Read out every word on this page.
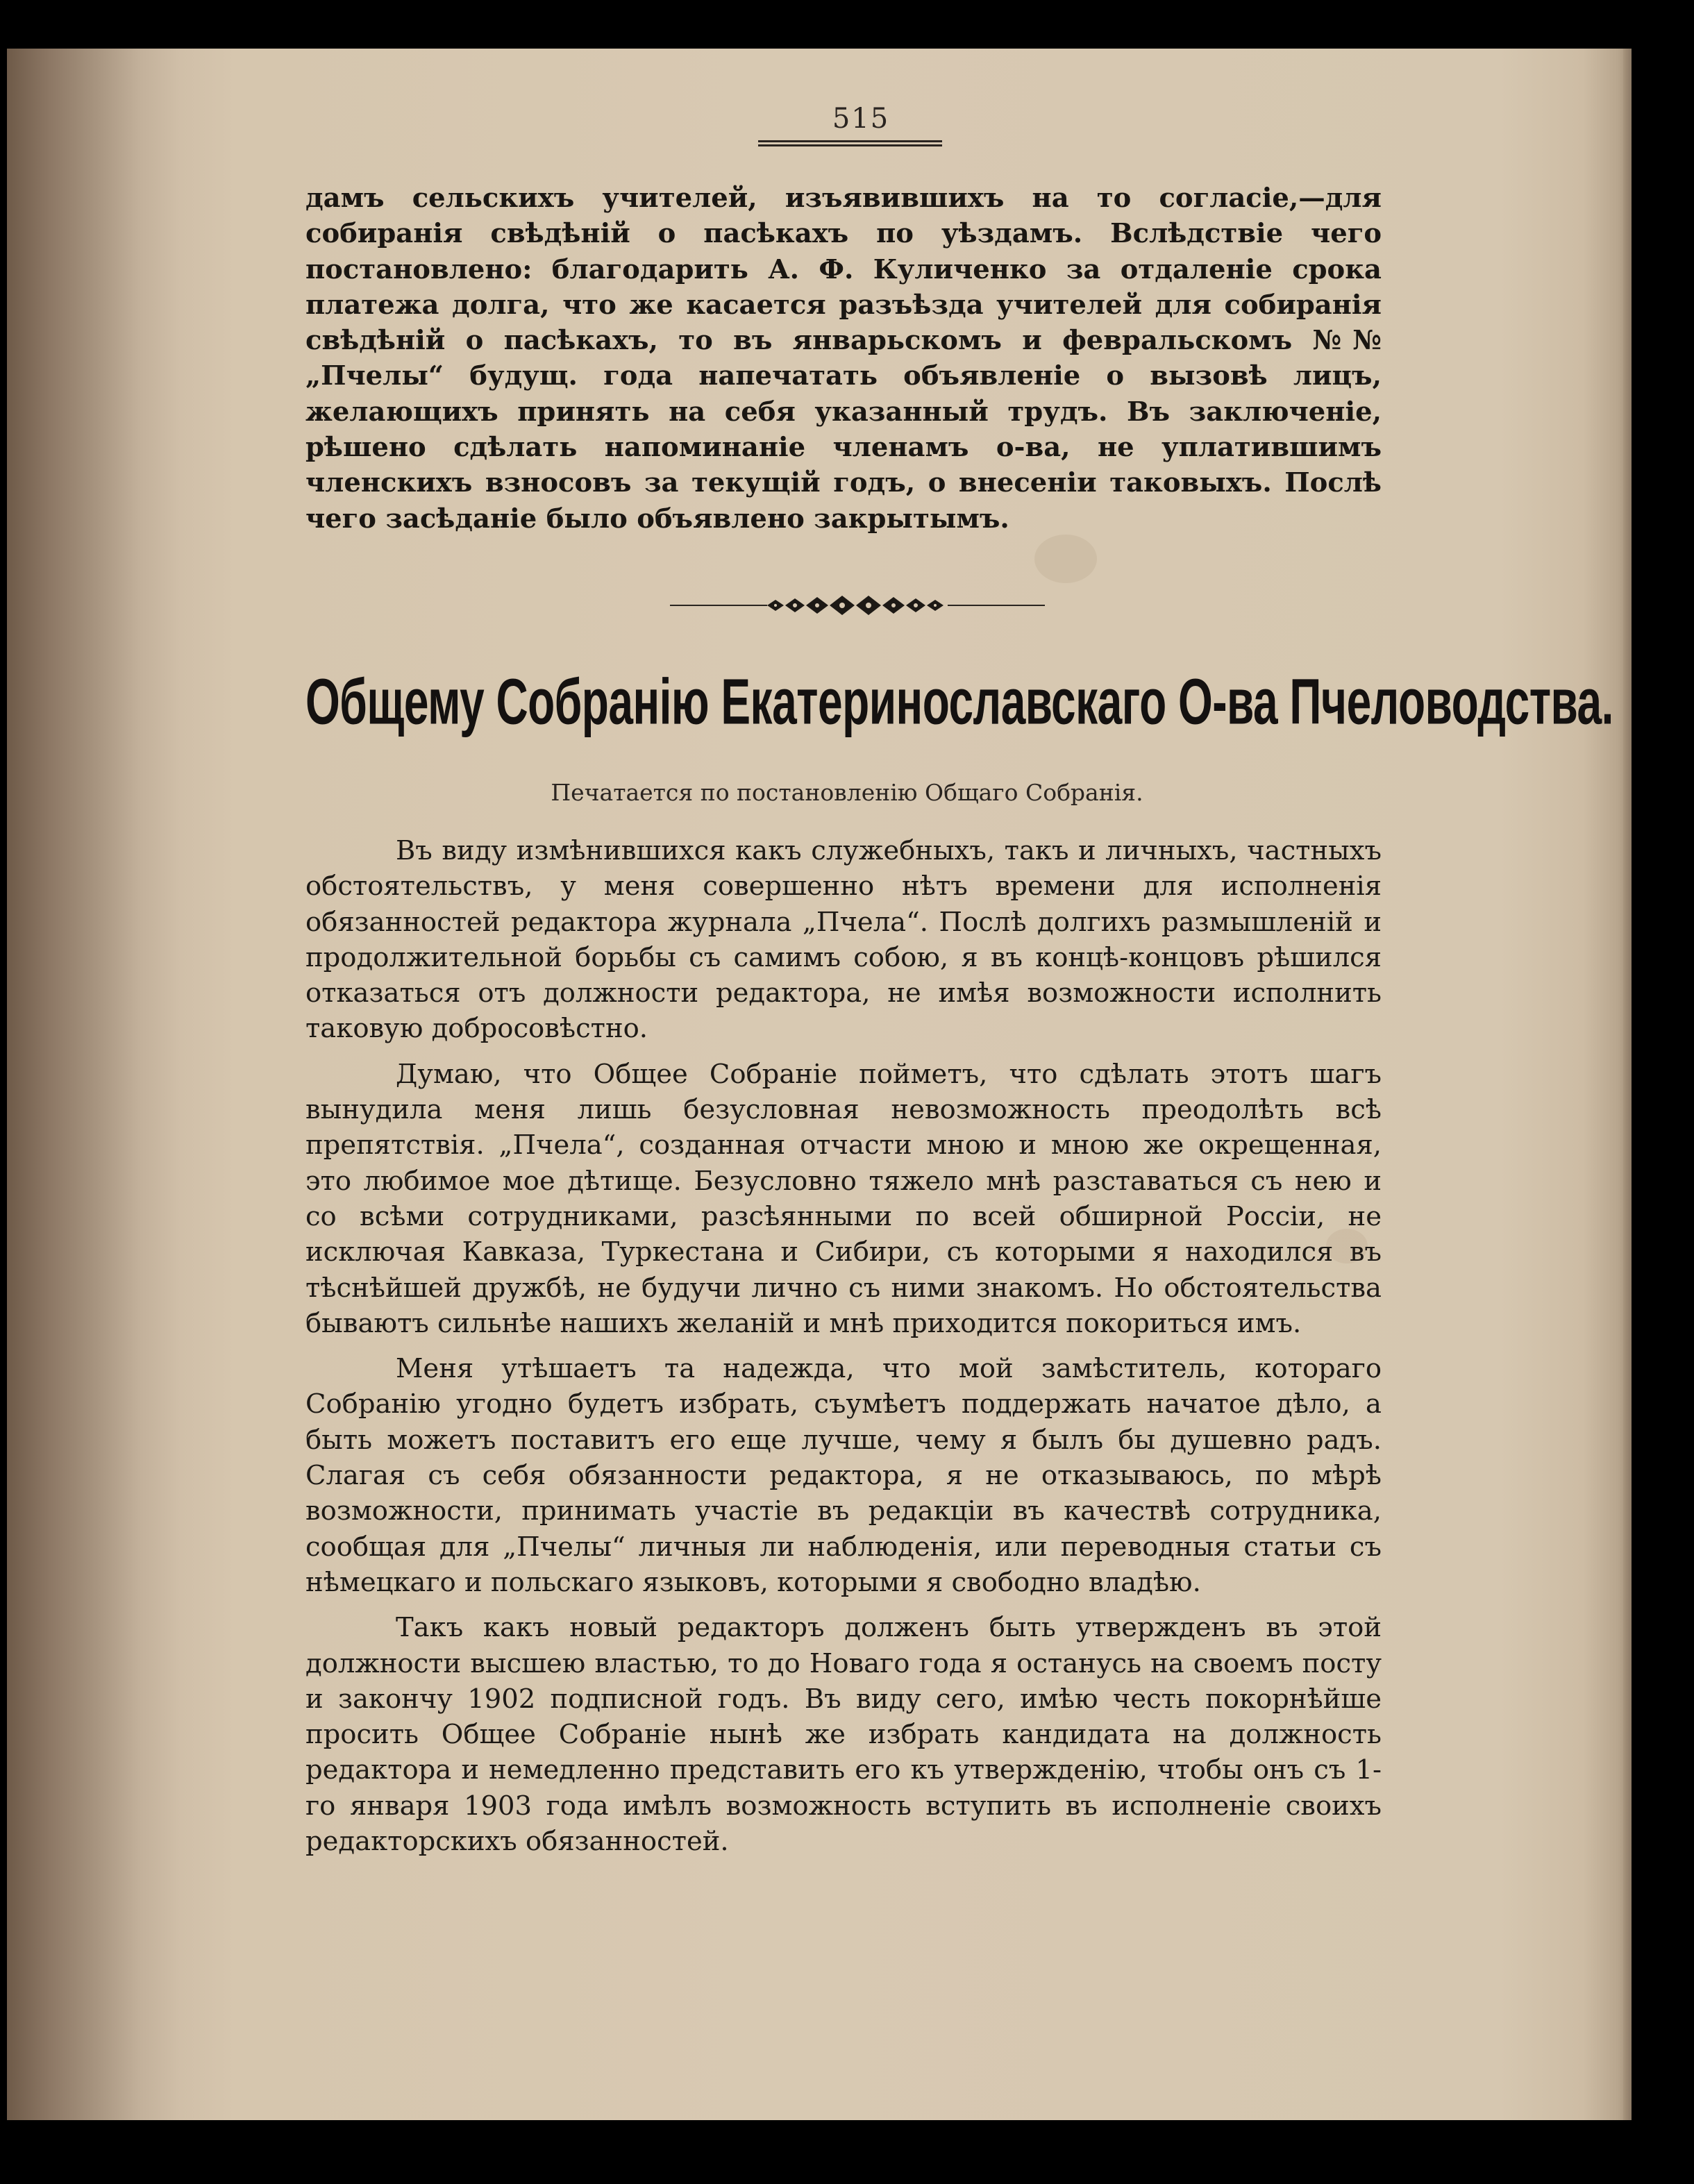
515

дамъ сельскихъ учителей, изъявившихъ на то согласіе,—для собиранія свѣдѣній о пасѣкахъ по уѣздамъ. Вслѣдствіе чего постановлено: благодарить А. Ф. Куличенко за отдаленіе срока платежа долга, что же касается разъѣзда учителей для собиранія свѣдѣній о пасѣкахъ, то въ январьскомъ и февральскомъ №№ „Пчелы“ будущ. года напечатать объявленіе о вызовѣ лицъ, желающихъ принять на себя указанный трудъ. Въ заключеніе, рѣшено сдѣлать напоминаніе членамъ о-ва, не уплатившимъ членскихъ взносовъ за текущій годъ, о внесеніи таковыхъ. Послѣ чего засѣданіе было объявлено закрытымъ.

Общему Собранію Екатеринославскаго О-ва Пчеловодства.
Печатается по постановленію Общаго Собранія.

Въ виду измѣнившихся какъ служебныхъ, такъ и личныхъ, частныхъ обстоятельствъ, у меня совершенно нѣтъ времени для исполненія обязанностей редактора журнала „Пчела“. Послѣ долгихъ размышленій и продолжительной борьбы съ самимъ собою, я въ концѣ-концовъ рѣшился отказаться отъ должности редактора, не имѣя возможности исполнить таковую добросовѣстно.

Думаю, что Общее Собраніе пойметъ, что сдѣлать этотъ шагъ вынудила меня лишь безусловная невозможность преодолѣть всѣ препятствія. „Пчела“, созданная отчасти мною и мною же окрещенная, это любимое мое дѣтище. Безусловно тяжело мнѣ разставаться съ нею и со всѣми сотрудниками, разсѣянными по всей обширной Россіи, не исключая Кавказа, Туркестана и Сибири, съ которыми я находился въ тѣснѣйшей дружбѣ, не будучи лично съ ними знакомъ. Но обстоятельства бываютъ сильнѣе нашихъ желаній и мнѣ приходится покориться имъ.

Меня утѣшаетъ та надежда, что мой замѣститель, котораго Собранію угодно будетъ избрать, съумѣетъ поддержать начатое дѣло, а быть можетъ поставитъ его еще лучше, чему я былъ бы душевно радъ. Слагая съ себя обязанности редактора, я не отказываюсь, по мѣрѣ возможности, принимать участіе въ редакціи въ качествѣ сотрудника, сообщая для „Пчелы“ личныя ли наблюденія, или переводныя статьи съ нѣмецкаго и польскаго языковъ, которыми я свободно владѣю.

Такъ какъ новый редакторъ долженъ быть утвержденъ въ этой должности высшею властью, то до Новаго года я останусь на своемъ посту и закончу 1902 подписной годъ. Въ виду сего, имѣю честь покорнѣйше просить Общее Собраніе нынѣ же избрать кандидата на должность редактора и немедленно представить его къ утвержденію, чтобы онъ съ 1-го января 1903 года имѣлъ возможность вступить въ исполненіе своихъ редакторскихъ обязанностей.
